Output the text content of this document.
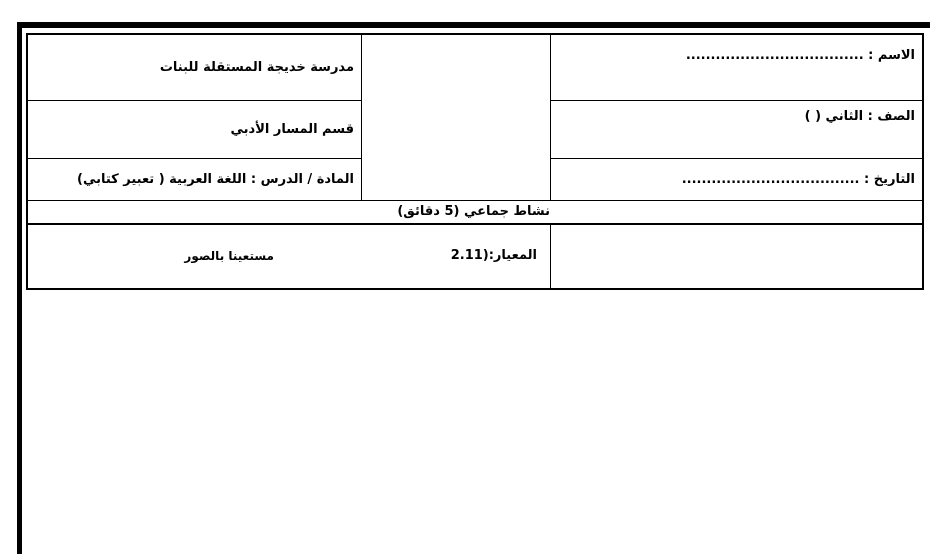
مدرسة خديجة المستقلة للبنات
قسم المسار الأدبي
المادة / الدرس : اللغة العربية ( تعبير كتابي)
الاسم : ....................................
الصف : الثاني ( )
التاريخ : ....................................
نشاط جماعي (5 دقائق)
المعيار:(2.11
مستعينا بالصور
